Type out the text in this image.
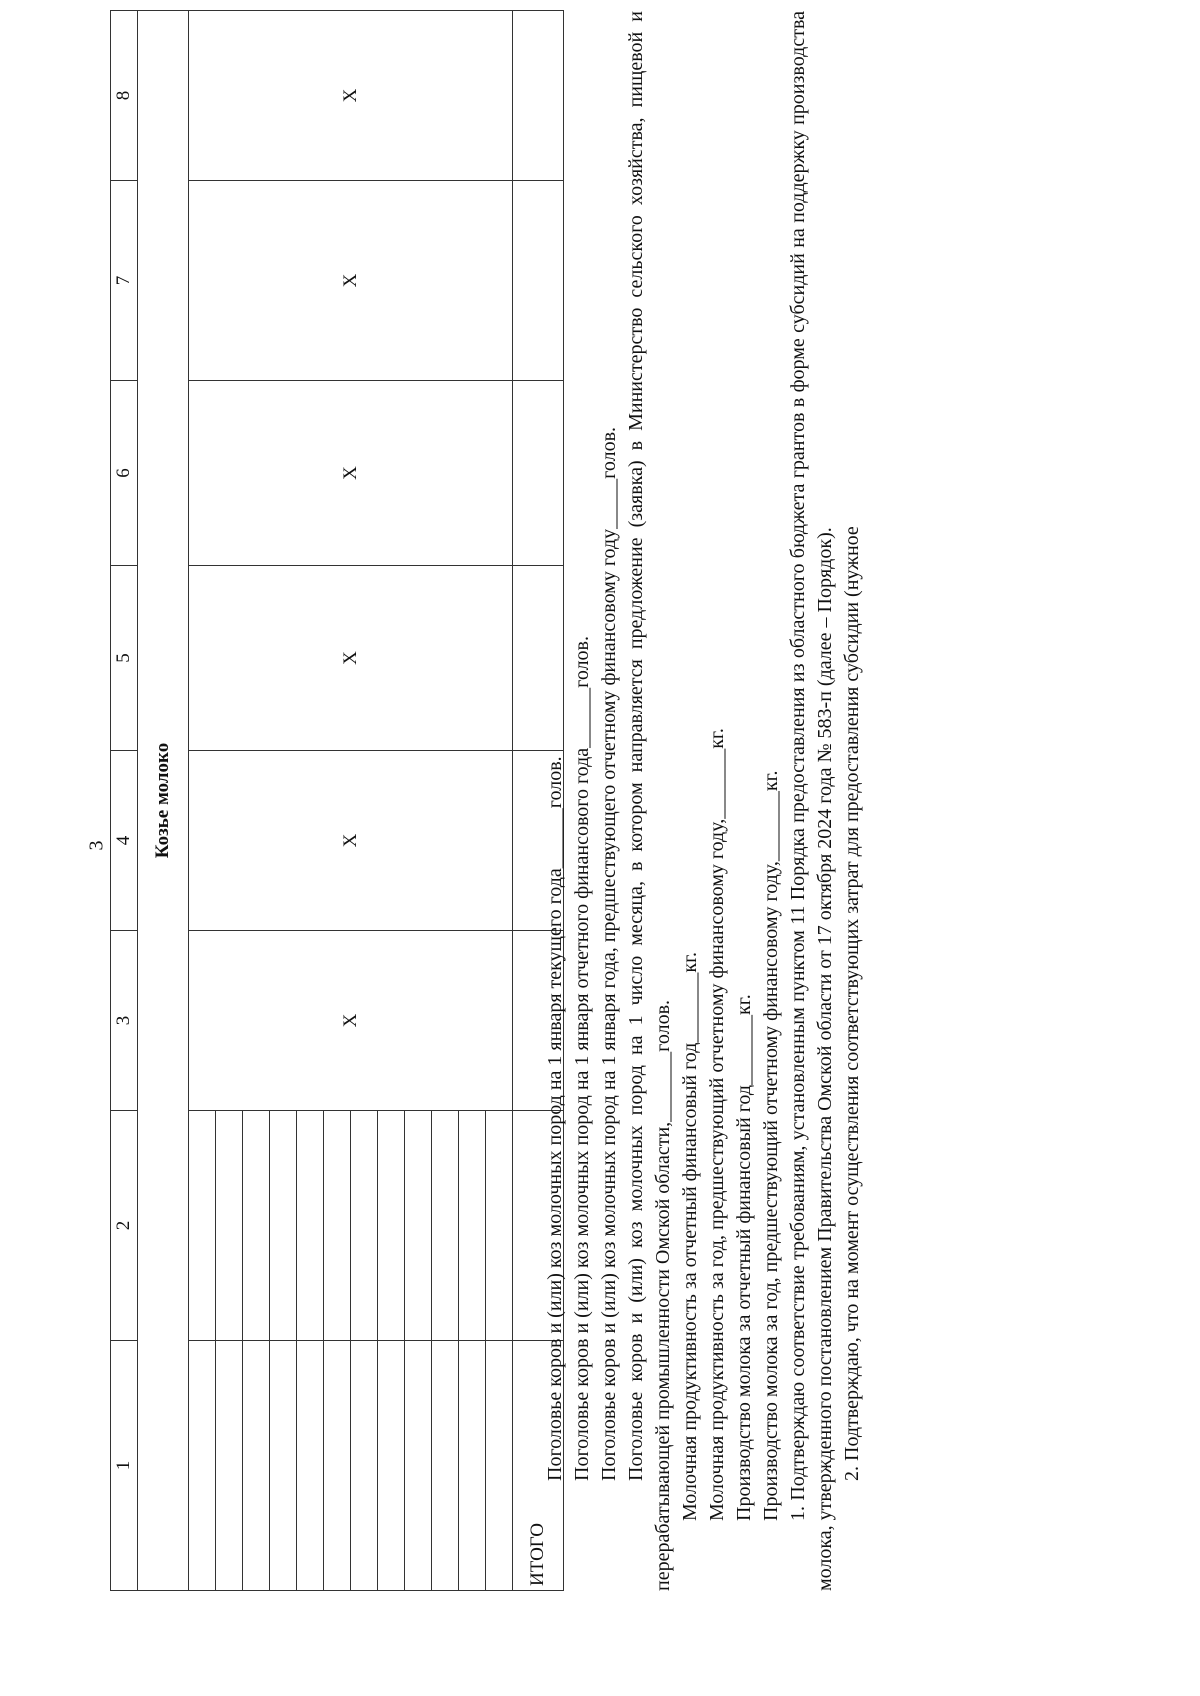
3
1	2	3	4	5	6	7	8
Козье молоко							
		X	X	X	X	X	X

ИТОГО							

Поголовье коров и (или) коз молочных пород на 1 января текущего года______голов. Поголовье коров и (или) коз молочных пород на 1 января отчетного финансового года______голов. Поголовье коров и (или) коз молочных пород на 1 января года, предшествующего отчетному финансовому году_____голов. Поголовье коров и (или) коз молочных пород на 1 число месяца, в котором направляется предложение (заявка) в Министерство сельского хозяйства, пищевой и перерабатывающей промышленности Омской области,_______голов. Молочная продуктивность за отчетный финансовый год_______кг. Молочная продуктивность за год, предшествующий отчетному финансовому году,_______кг. Производство молока за отчетный финансовый год_______кг. Производство молока за год, предшествующий отчетному финансовому году,_______кг. 1. Подтверждаю соответствие требованиям, установленным пунктом 11 Порядка предоставления из областного бюджета грантов в форме субсидий на поддержку производства молока, утвержденного постановлением Правительства Омской области от 17 октября 2024 года № 583-п (далее – Порядок). 2. Подтверждаю, что на момент осуществления соответствующих затрат для предоставления субсидии (нужное
